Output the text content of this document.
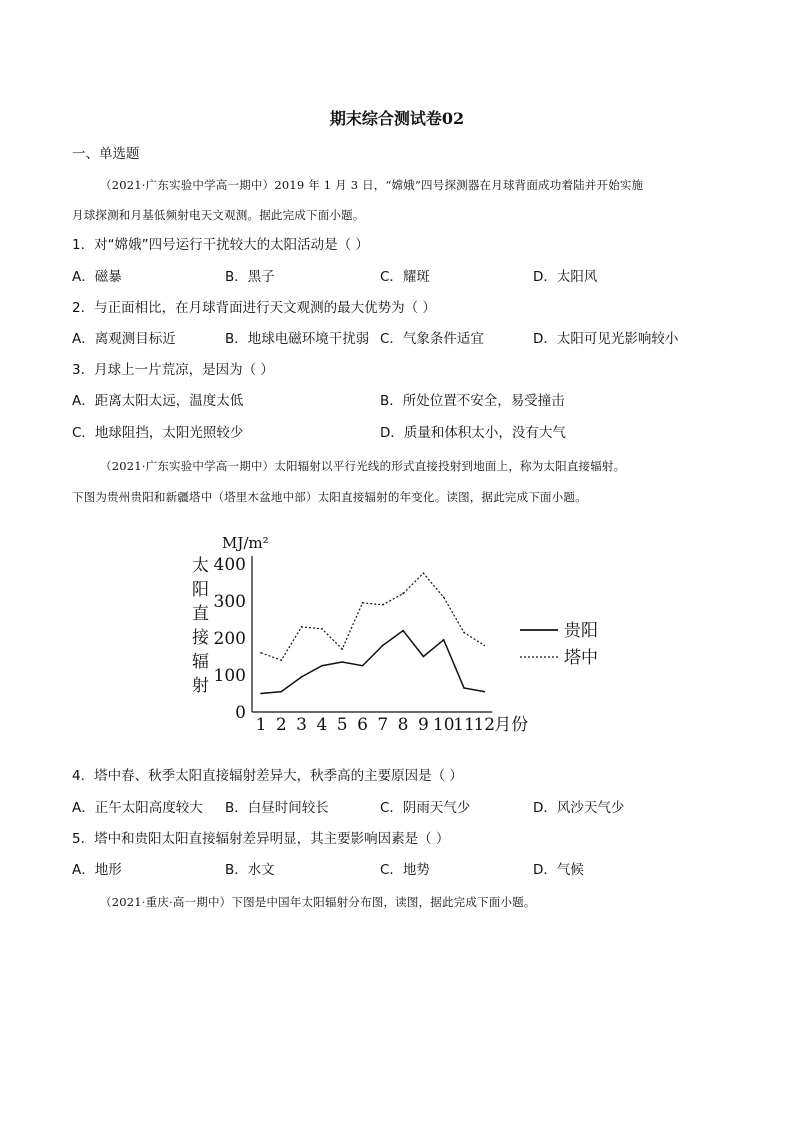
期末综合测试卷02
一、单选题
（2021·广东实验中学高一期中）2019 年 1 月 3 日，“嫦娥”四号探测器在月球背面成功着陆并开始实施
月球探测和月基低频射电天文观测。据此完成下面小题。
1．对“嫦娥”四号运行干扰较大的太阳活动是（ ）
A．磁暴	B．黑子	C．耀斑	D．太阳风
2．与正面相比，在月球背面进行天文观测的最大优势为（ ）
A．离观测目标近	B．地球电磁环境干扰弱 C．气象条件适宜	D．太阳可见光影响较小
3．月球上一片荒凉，是因为（ ）
A．距离太阳太远，温度太低	B．所处位置不安全，易受撞击
C．地球阻挡，太阳光照较少	D．质量和体积太小，没有大气
（2021·广东实验中学高一期中）太阳辐射以平行光线的形式直接投射到地面上，称为太阳直接辐射。
下图为贵州贵阳和新疆塔中（塔里木盆地中部）太阳直接辐射的年变化。读图，据此完成下面小题。
MJ/m²
太
阳
直
接
辐
射
0
100
200
300
400
1 2 3 4 5 6 7 8 9 10
11
12 月份
贵阳
塔中
4．塔中春、秋季太阳直接辐射差异大，秋季高的主要原因是（ ）
A．正午太阳高度较大 B．白昼时间较长	C．阴雨天气少	D．风沙天气少
5．塔中和贵阳太阳直接辐射差异明显，其主要影响因素是（ ）
A．地形	B．水文	C．地势	D．气候
（2021·重庆·高一期中）下图是中国年太阳辐射分布图，读图，据此完成下面小题。
